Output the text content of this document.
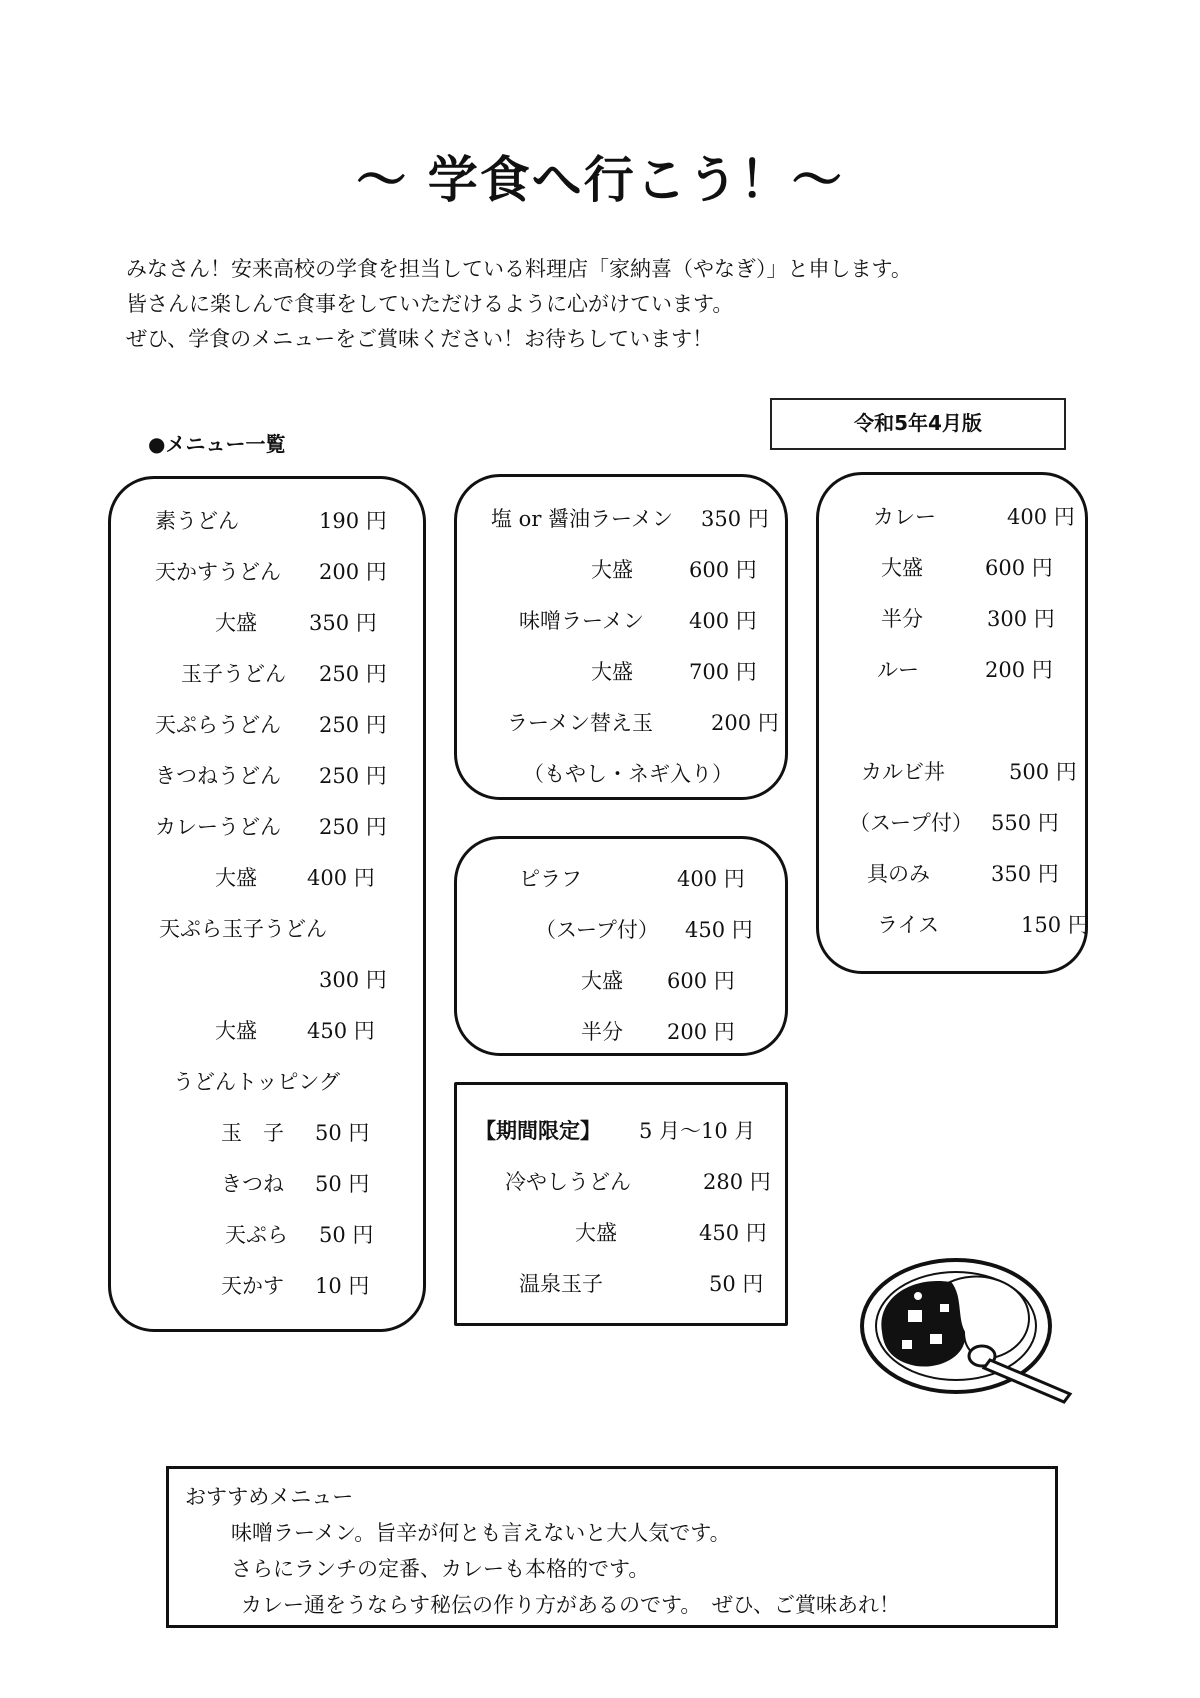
～ 学食へ行こう！～
みなさん！安来高校の学食を担当している料理店「家納喜（やなぎ）」と申します。
皆さんに楽しんで食事をしていただけるように心がけています。
ぜひ、学食のメニューをご賞味ください！お待ちしています！
令和5年4月版
●メニュー一覧
素うどん	190 円
天かすうどん 200 円
大盛 350 円
玉子うどん 250 円
天ぷらうどん 250 円
きつねうどん 250 円
カレーうどん 250 円
大盛 400 円
天ぷら玉子うどん
300 円
大盛 450 円
うどんトッピング
玉　子 50 円
きつね 50 円
天ぷら 50 円
天かす 10 円
塩 or 醤油ラーメン 350 円
大盛	600 円
味噌ラーメン 400 円
大盛	700 円
ラーメン替え玉	200 円
（もやし・ネギ入り）
ピラフ	400 円
（スープ付） 450 円
大盛 600 円
半分 200 円
【期間限定】 5 月～10 月
冷やしうどん	280 円
大盛	450 円
温泉玉子	50 円
カレー	400 円
大盛	600 円
半分	300 円
ルー	200 円
カルビ丼	500 円
（スープ付） 550 円
具のみ	350 円
ライス	150 円
おすすめメニュー
味噌ラーメン。旨辛が何とも言えないと大人気です。
さらにランチの定番、カレーも本格的です。
カレー通をうならす秘伝の作り方があるのです。　ぜひ、ご賞味あれ！
